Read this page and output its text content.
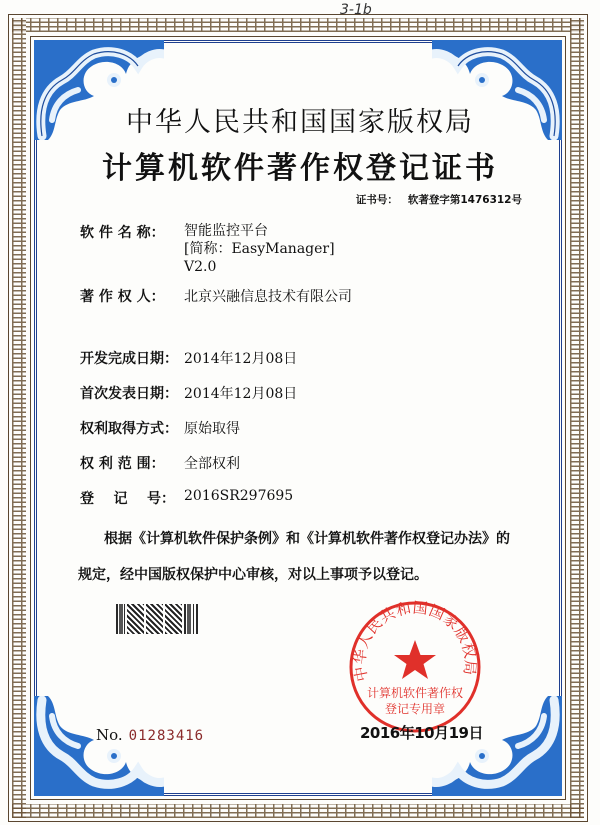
3-1b
中华人民共和国国家版权局
计算机软件著作权登记证书
证书号： 软著登字第1476312号
软 件 名 称： 智能监控平台
[简称：EasyManager]
V2.0
著 作 权 人： 北京兴融信息技术有限公司
开发完成日期： 2014年12月08日
首次发表日期： 2014年12月08日
权利取得方式： 原始取得
权 利 范 围： 全部权利
登    记    号： 2016SR297695
根据《计算机软件保护条例》和《计算机软件著作权登记办法》的
规定，经中国版权保护中心审核，对以上事项予以登记。
中华人民共和国国家版权局
计算机软件著作权
登记专用章
No. 01283416	2016年10月19日
